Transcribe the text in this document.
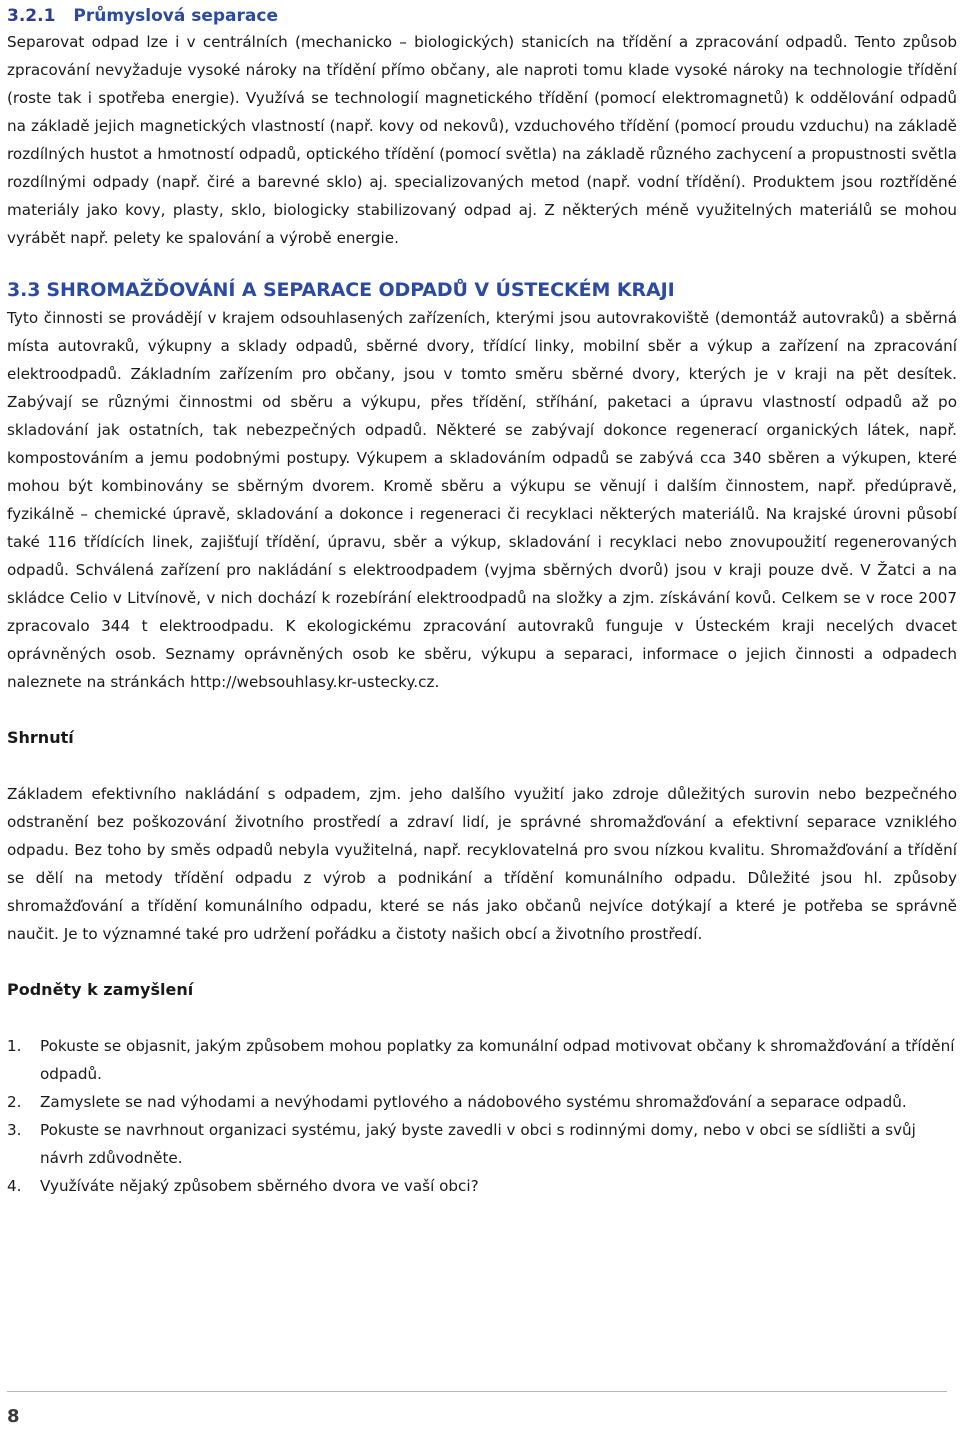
3.2.1 Průmyslová separace

Separovat odpad lze i v centrálních (mechanicko – biologických) stanicích na třídění a zpracování odpadů. Tento způsob zpracování nevyžaduje vysoké nároky na třídění přímo občany, ale naproti tomu klade vysoké nároky na technologie třídění (roste tak i spotřeba energie). Využívá se technologií magnetického třídění (pomocí elektromagnetů) k oddělování odpadů na základě jejich magnetických vlastností (např. kovy od nekovů), vzduchového třídění (pomocí proudu vzduchu) na základě rozdílných hustot a hmotností odpadů, optického třídění (pomocí světla) na základě různého zachycení a propustnosti světla rozdílnými odpady (např. čiré a barevné sklo) aj. specializovaných metod (např. vodní třídění). Produktem jsou roztříděné materiály jako kovy, plasty, sklo, biologicky stabilizovaný odpad aj. Z některých méně využitelných materiálů se mohou vyrábět např. pelety ke spalování a výrobě energie.

3.3 SHROMAŽĎOVÁNÍ A SEPARACE ODPADŮ V ÚSTECKÉM KRAJI

Tyto činnosti se provádějí v krajem odsouhlasených zařízeních, kterými jsou autovrakoviště (demontáž autovraků) a sběrná místa autovraků, výkupny a sklady odpadů, sběrné dvory, třídící linky, mobilní sběr a výkup a zařízení na zpracování elektroodpadů. Základním zařízením pro občany, jsou v tomto směru sběrné dvory, kterých je v kraji na pět desítek. Zabývají se různými činnostmi od sběru a výkupu, přes třídění, stříhání, paketaci a úpravu vlastností odpadů až po skladování jak ostatních, tak nebezpečných odpadů. Některé se zabývají dokonce regenerací organických látek, např. kompostováním a jemu podobnými postupy. Výkupem a skladováním odpadů se zabývá cca 340 sběren a výkupen, které mohou být kombinovány se sběrným dvorem. Kromě sběru a výkupu se věnují i dalším činnostem, např. předúpravě, fyzikálně – chemické úpravě, skladování a dokonce i regeneraci či recyklaci některých materiálů. Na krajské úrovni působí také 116 třídících linek, zajišťují třídění, úpravu, sběr a výkup, skladování i recyklaci nebo znovupoužití regenerovaných odpadů. Schválená zařízení pro nakládání s elektroodpadem (vyjma sběrných dvorů) jsou v kraji pouze dvě. V Žatci a na skládce Celio v Litvínově, v nich dochází k rozebírání elektroodpadů na složky a zjm. získávání kovů. Celkem se v roce 2007 zpracovalo 344 t elektroodpadu. K ekologickému zpracování autovraků funguje v Ústeckém kraji necelých dvacet oprávněných osob. Seznamy oprávněných osob ke sběru, výkupu a separaci, informace o jejich činnosti a odpadech naleznete na stránkách http://websouhlasy.kr-ustecky.cz.

Shrnutí

Základem efektivního nakládání s odpadem, zjm. jeho dalšího využití jako zdroje důležitých surovin nebo bezpečného odstranění bez poškozování životního prostředí a zdraví lidí, je správné shromažďování a efektivní separace vzniklého odpadu. Bez toho by směs odpadů nebyla využitelná, např. recyklovatelná pro svou nízkou kvalitu. Shromažďování a třídění se dělí na metody třídění odpadu z výrob a podnikání a třídění komunálního odpadu. Důležité jsou hl. způsoby shromažďování a třídění komunálního odpadu, které se nás jako občanů nejvíce dotýkají a které je potřeba se správně naučit. Je to významné také pro udržení pořádku a čistoty našich obcí a životního prostředí.

Podněty k zamyšlení
1. Pokuste se objasnit, jakým způsobem mohou poplatky za komunální odpad motivovat občany k shromažďování a třídění odpadů.
2. Zamyslete se nad výhodami a nevýhodami pytlového a nádobového systému shromažďování a separace odpadů.
3. Pokuste se navrhnout organizaci systému, jaký byste zavedli v obci s rodinnými domy, nebo v obci se sídlišti a svůj návrh zdůvodněte.
4. Využíváte nějaký způsobem sběrného dvora ve vaší obci?
8
